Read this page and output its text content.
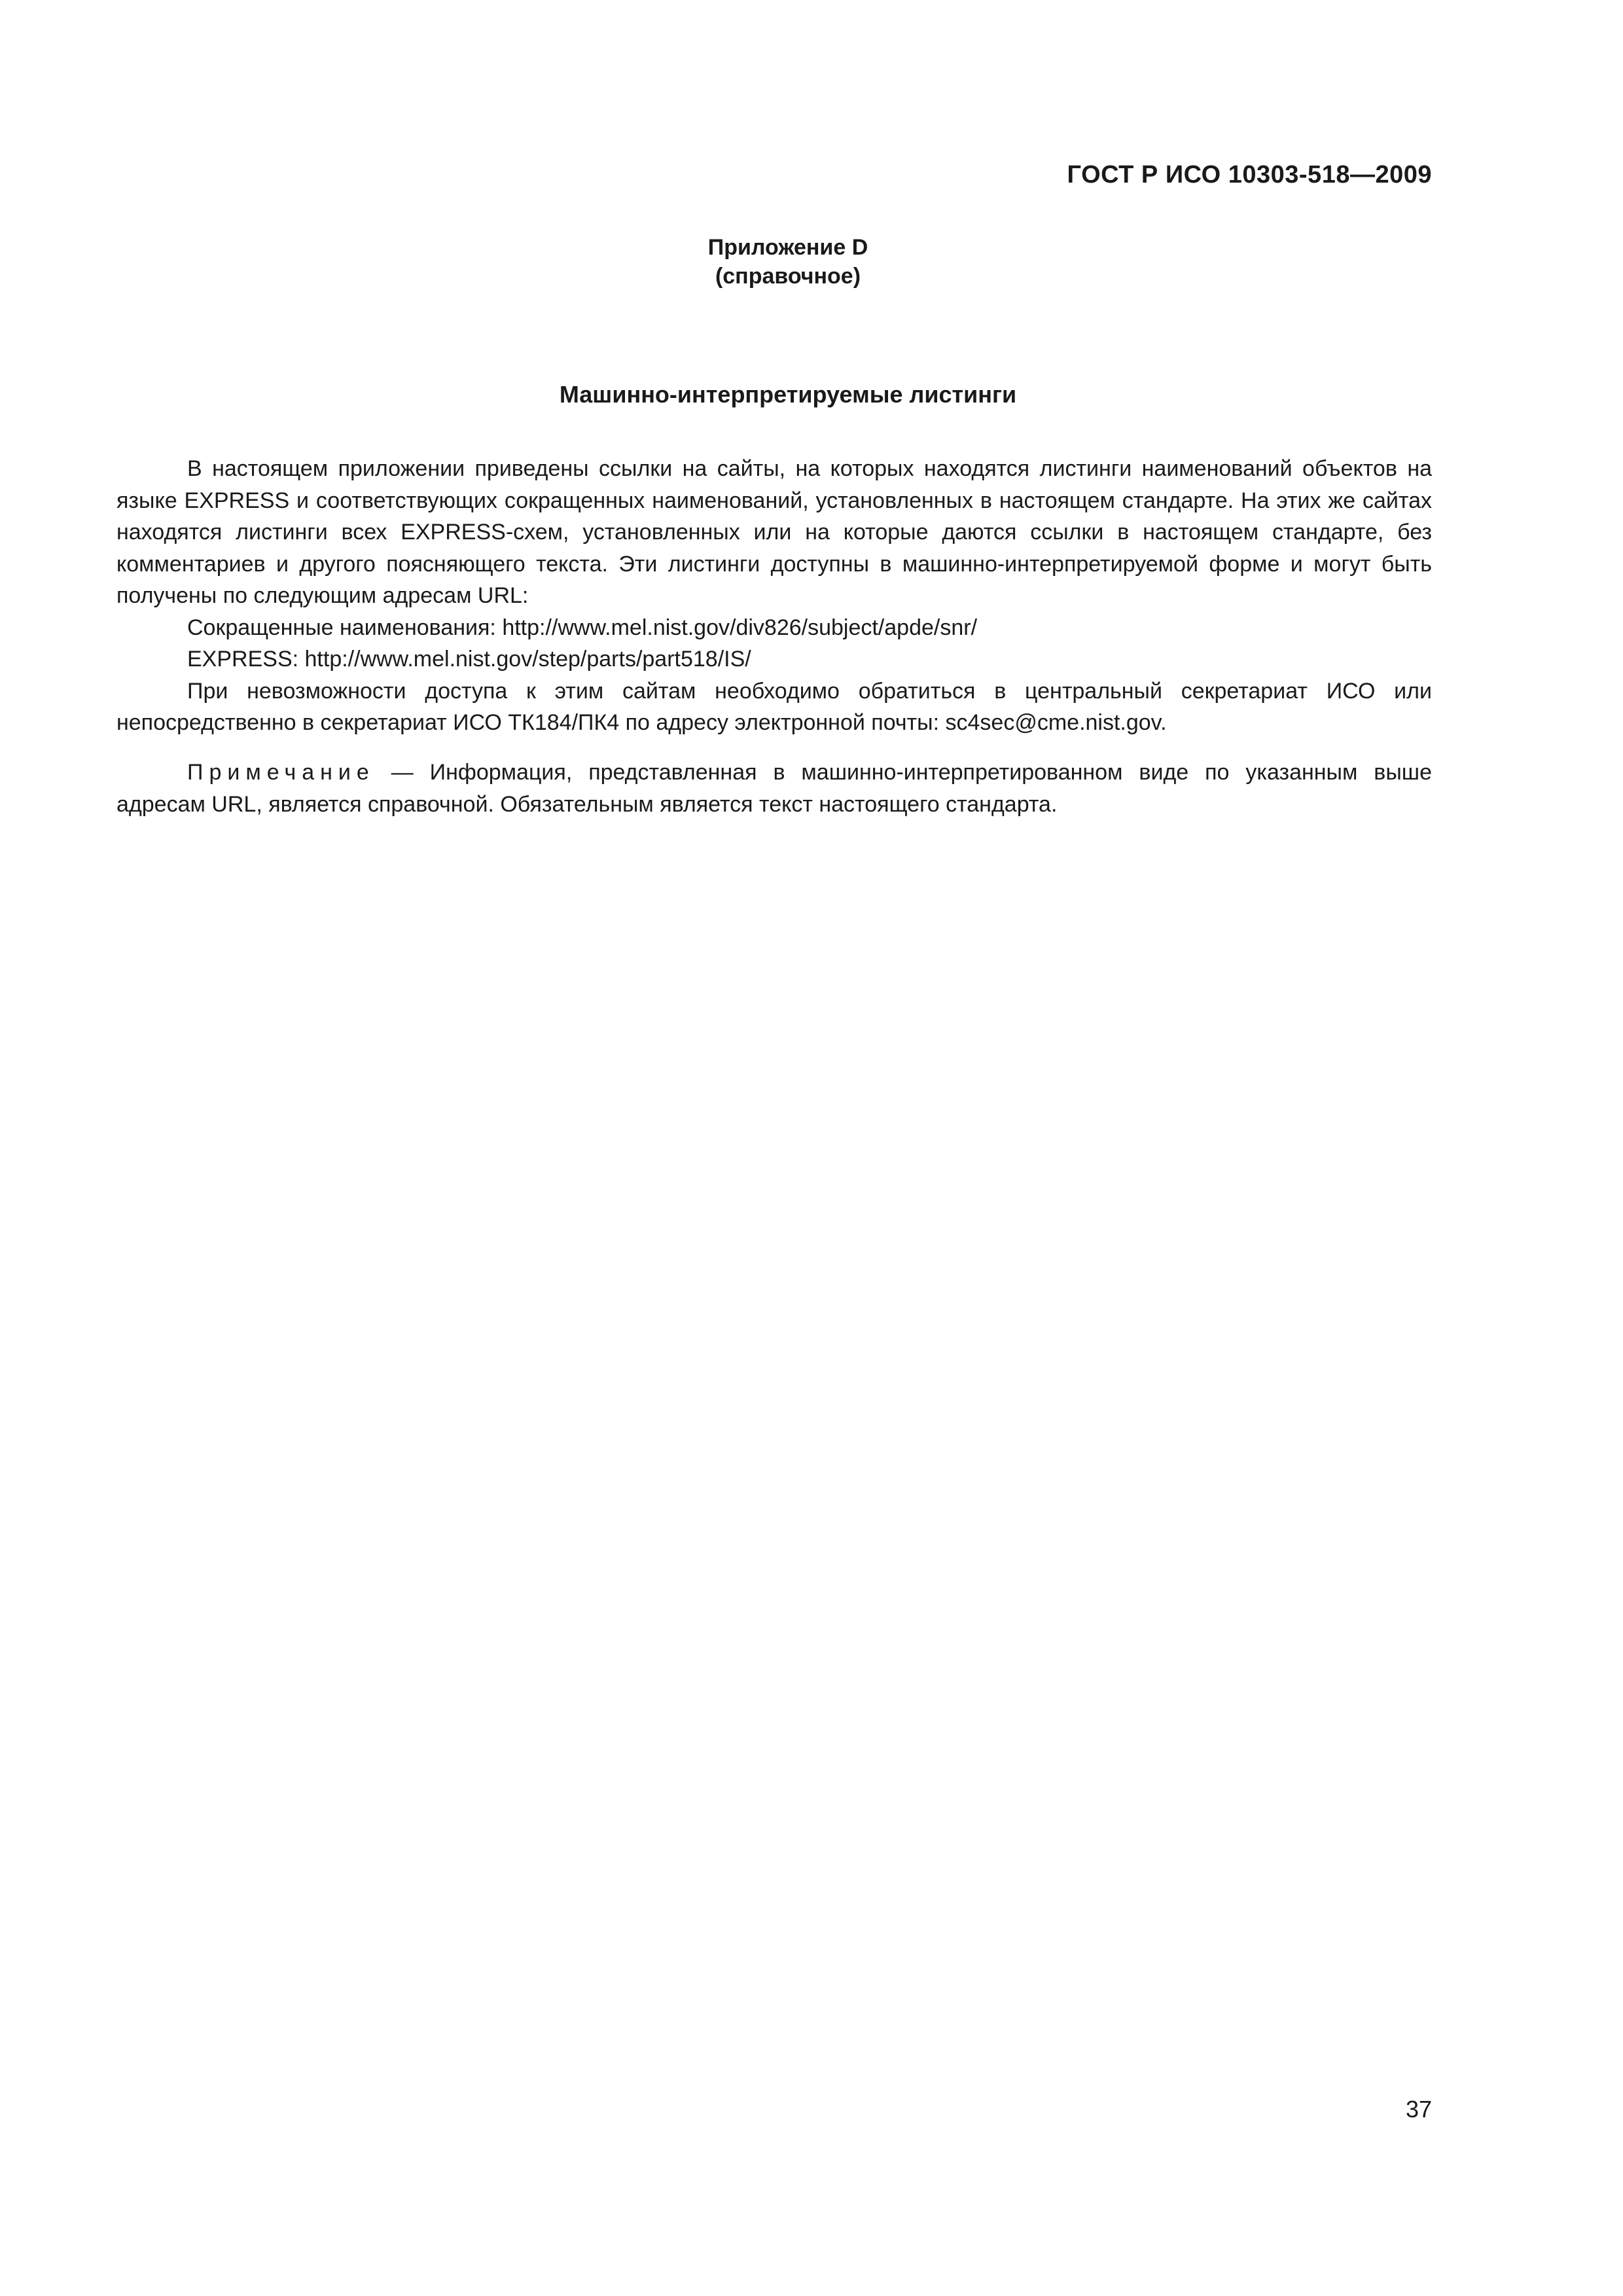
ГОСТ Р ИСО 10303-518—2009
Приложение D
(справочное)
Машинно-интерпретируемые листинги

В настоящем приложении приведены ссылки на сайты, на которых находятся листинги наименований объектов на языке EXPRESS и соответствующих сокращенных наименований, установленных в настоящем стандарте. На этих же сайтах находятся листинги всех EXPRESS-схем, установленных или на которые даются ссылки в настоящем стандарте, без комментариев и другого поясняющего текста. Эти листинги доступны в машинно-интерпретируемой форме и могут быть получены по следующим адресам URL:

Сокращенные наименования: http://www.mel.nist.gov/div826/subject/apde/snr/

EXPRESS: http://www.mel.nist.gov/step/parts/part518/IS/

При невозможности доступа к этим сайтам необходимо обратиться в центральный секретариат ИСО или непосредственно в секретариат ИСО ТК184/ПК4 по адресу электронной почты: sc4sec@cme.nist.gov.

Примечание — Информация, представленная в машинно-интерпретированном виде по указанным выше адресам URL, является справочной. Обязательным является текст настоящего стандарта.

37
